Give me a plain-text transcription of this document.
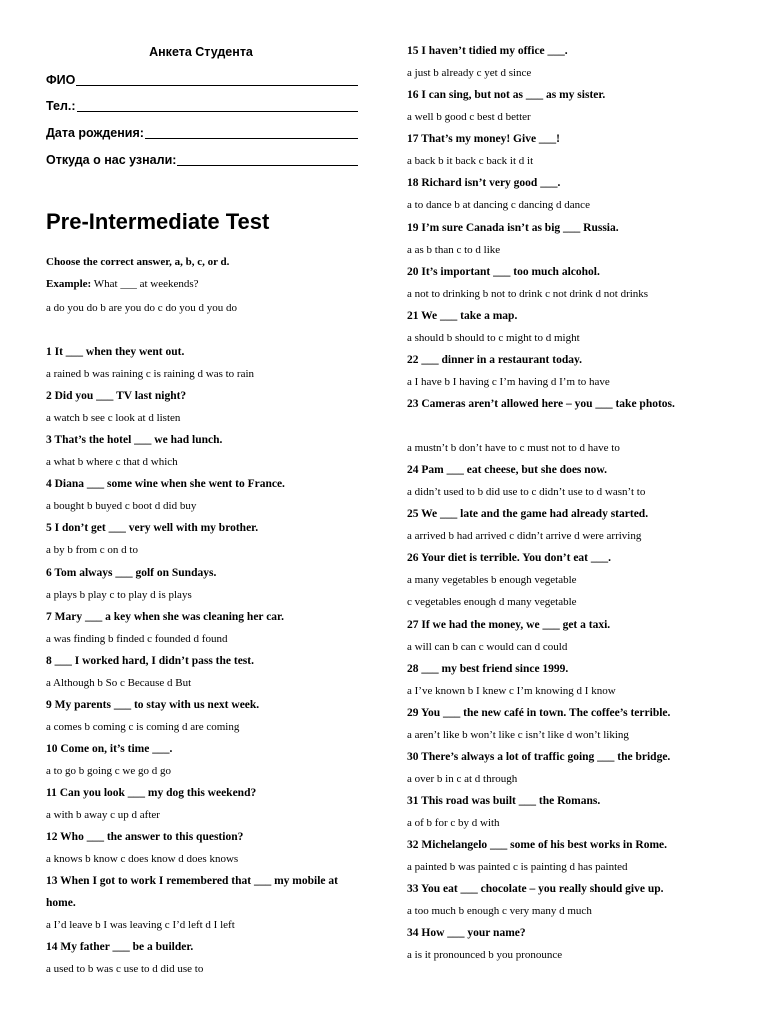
Анкета Студента
ФИО
Тел.:
Дата рождения:
Откуда о нас узнали:
Pre-Intermediate Test
Choose the correct answer, a, b, c, or d.
Example: What ___ at weekends?
a do you do b are you do c do you d you do
1 It ___ when they went out.
a rained b was raining c is raining d was to rain
2 Did you ___ TV last night?
a watch b see c look at d listen
3 That’s the hotel ___ we had lunch.
a what b where c that d which
4 Diana ___ some wine when she went to France.
a bought b buyed c boot d did buy
5 I don’t get ___ very well with my brother.
a by b from c on d to
6 Tom always ___ golf on Sundays.
a plays b play c to play d is plays
7 Mary ___ a key when she was cleaning her car.
a was finding b finded c founded d found
8 ___ I worked hard, I didn’t pass the test.
a Although b So c Because d But
9 My parents ___ to stay with us next week.
a comes b coming c is coming d are coming
10 Come on, it’s time ___.
a to go b going c we go d go
11 Can you look ___ my dog this weekend?
a with b away c up d after
12 Who ___ the answer to this question?
a knows b know c does know d does knows
13 When I got to work I remembered that ___ my mobile at home.
a I’d leave b I was leaving c I’d left d I left
14 My father ___ be a builder.
a used to b was c use to d did use to
15 I haven’t tidied my office ___.
a just b already c yet d since
16 I can sing, but not as ___ as my sister.
a well b good c best d better
17 That’s my money! Give ___!
a back b it back c back it d it
18 Richard isn’t very good ___.
a to dance b at dancing c dancing d dance
19 I’m sure Canada isn’t as big ___ Russia.
a as b than c to d like
20 It’s important ___ too much alcohol.
a not to drinking b not to drink c not drink d not drinks
21 We ___ take a map.
a should b should to c might to d might
22 ___ dinner in a restaurant today.
a I have b I having c I’m having d I’m to have
23 Cameras aren’t allowed here – you ___ take photos.
a mustn’t b don’t have to c must not to d have to
24 Pam ___ eat cheese, but she does now.
a didn’t used to b did use to c didn’t use to d wasn’t to
25 We ___ late and the game had already started.
a arrived b had arrived c didn’t arrive d were arriving
26 Your diet is terrible. You don’t eat ___.
a many vegetables b enough vegetable
c vegetables enough d many vegetable
27 If we had the money, we ___ get a taxi.
a will can b can c would can d could
28 ___ my best friend since 1999.
a I’ve known b I knew c I’m knowing d I know
29 You ___ the new café in town. The coffee’s terrible.
a aren’t like b won’t like c isn’t like d won’t liking
30 There’s always a lot of traffic going ___ the bridge.
a over b in c at d through
31 This road was built ___ the Romans.
a of b for c by d with
32 Michelangelo ___ some of his best works in Rome.
a painted b was painted c is painting d has painted
33 You eat ___ chocolate – you really should give up.
a too much b enough c very many d much
34 How ___ your name?
a is it pronounced b you pronounce
